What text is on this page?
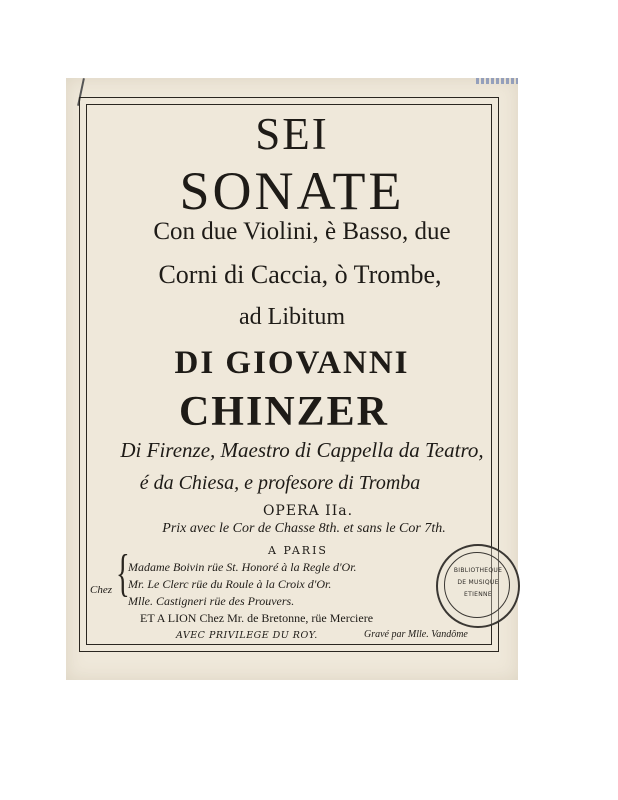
SEI
SONATE
Con due Violini, è Basso, due
Corni di Caccia, ò Trombe,
ad Libitum
DI GIOVANNI
CHINZER
Di Firenze, Maestro di Cappella da Teatro,
é da Chiesa, e profesore di Tromba
OPERA IIa.
Prix avec le Cor de Chasse 8th. et sans le Cor 7th.
A PARIS
Chez {
Madame Boivin rüe St. Honoré à la Regle d'Or.
Mr. Le Clerc rüe du Roule à la Croix d'Or.
Mlle. Castigneri rüe des Prouvers.
ET A LION Chez Mr. de Bretonne, rüe Merciere
AVEC PRIVILEGE DU ROY.	Gravé par Mlle. Vandôme
BIBLIOTHEQUE
DE MUSIQUE
ETIENNE
